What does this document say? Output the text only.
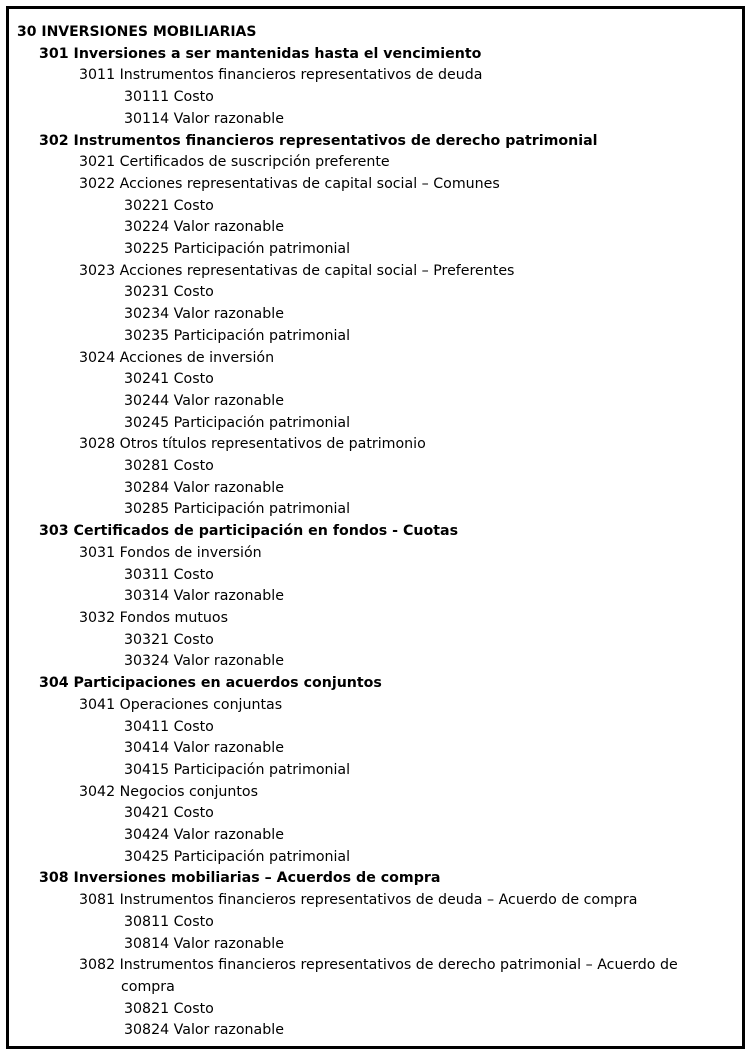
30 INVERSIONES MOBILIARIAS
301 Inversiones a ser mantenidas hasta el vencimiento
3011 Instrumentos financieros representativos de deuda
30111 Costo
30114 Valor razonable
302 Instrumentos financieros representativos de derecho patrimonial
3021 Certificados de suscripción preferente
3022 Acciones representativas de capital social – Comunes
30221 Costo
30224 Valor razonable
30225 Participación patrimonial
3023 Acciones representativas de capital social – Preferentes
30231 Costo
30234 Valor razonable
30235 Participación patrimonial
3024 Acciones de inversión
30241 Costo
30244 Valor razonable
30245 Participación patrimonial
3028 Otros títulos representativos de patrimonio
30281 Costo
30284 Valor razonable
30285 Participación patrimonial
303 Certificados de participación en fondos - Cuotas
3031 Fondos de inversión
30311 Costo
30314 Valor razonable
3032 Fondos mutuos
30321 Costo
30324 Valor razonable
304 Participaciones en acuerdos conjuntos
3041 Operaciones conjuntas
30411 Costo
30414 Valor razonable
30415 Participación patrimonial
3042 Negocios conjuntos
30421 Costo
30424 Valor razonable
30425 Participación patrimonial
308 Inversiones mobiliarias – Acuerdos de compra
3081 Instrumentos financieros representativos de deuda – Acuerdo de compra
30811 Costo
30814 Valor razonable
3082 Instrumentos financieros representativos de derecho patrimonial – Acuerdo de compra
30821 Costo
30824 Valor razonable
